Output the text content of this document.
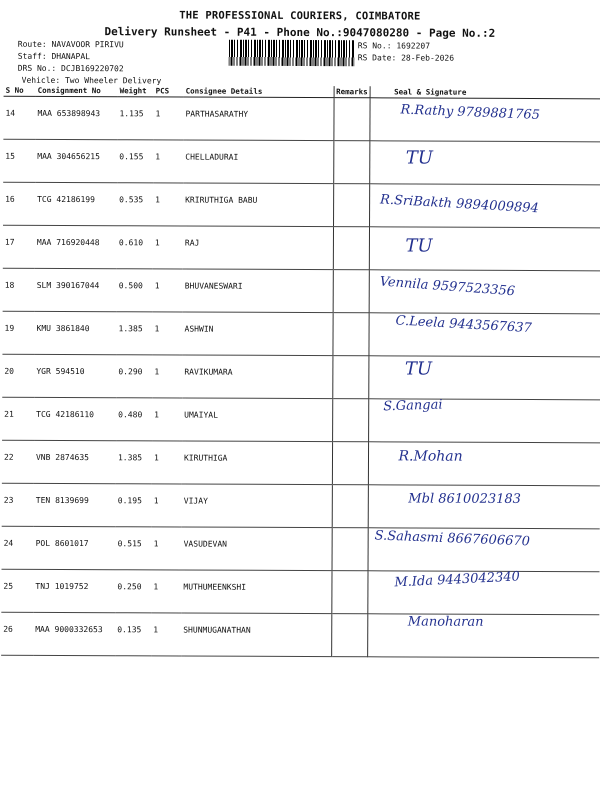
THE PROFESSIONAL COURIERS, COIMBATORE
Delivery Runsheet - P41 - Phone No.:9047080280 - Page No.:2
Route: NAVAVOOR PIRIVU
Staff: DHANAPAL
DRS No.: DCJB169220702
Vehicle: Two Wheeler Delivery
RS No.: 1692207
RS Date: 28-Feb-2026
S No	Consignment No	Weight	PCS	Consignee Details	Remarks	Seal & Signature
14	MAA 653898943	1.135	1	PARTHASARATHY		R.Rathy 9789881765

15	MAA 304656215	0.155	1	CHELLADURAI		TU

16	TCG 42186199	0.535	1	KRIRUTHIGA BABU		R.SriBakth 9894009894

17	MAA 716920448	0.610	1	RAJ		TU

18	SLM 390167044	0.500	1	BHUVANESWARI		Vennila 9597523356

19	KMU 3861840	1.385	1	ASHWIN		C.Leela 9443567637

20	YGR 594510	0.290	1	RAVIKUMARA		TU

21	TCG 42186110	0.480	1	UMAIYAL		S.Gangai

22	VNB 2874635	1.385	1	KIRUTHIGA		R.Mohan

23	TEN 8139699	0.195	1	VIJAY		Mbl 8610023183

24	POL 8601017	0.515	1	VASUDEVAN		S.Sahasmi 8667606670

25	TNJ 1019752	0.250	1	MUTHUMEENKSHI		M.Ida 9443042340

26	MAA 9000332653	0.135	1	SHUNMUGANATHAN		Manoharan
